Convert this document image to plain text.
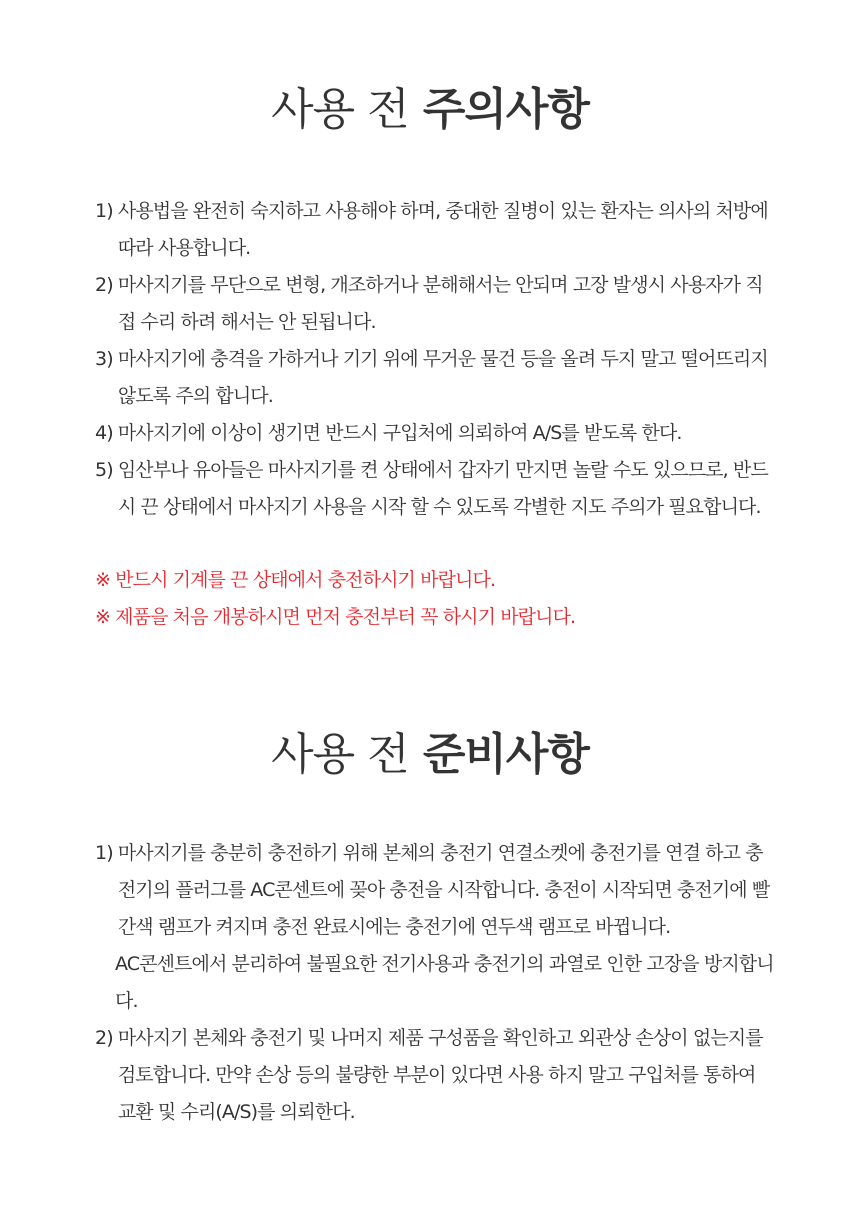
사용 전 주의사항
1) 사용법을 완전히 숙지하고 사용해야 하며, 중대한 질병이 있는 환자는 의사의 처방에 따라 사용합니다.
2) 마사지기를 무단으로 변형, 개조하거나 분해해서는 안되며 고장 발생시 사용자가 직접 수리 하려 해서는 안 된됩니다.
3) 마사지기에 충격을 가하거나 기기 위에 무거운 물건 등을 올려 두지 말고 떨어뜨리지 않도록 주의 합니다.
4) 마사지기에 이상이 생기면 반드시 구입처에 의뢰하여 A/S를 받도록 한다.
5) 임산부나 유아들은 마사지기를 켠 상태에서 갑자기 만지면 놀랄 수도 있으므로, 반드시 끈 상태에서 마사지기 사용을 시작 할 수 있도록 각별한 지도 주의가 필요합니다.
※ 반드시 기계를 끈 상태에서 충전하시기 바랍니다.
※ 제품을 처음 개봉하시면 먼저 충전부터 꼭 하시기 바랍니다.
사용 전 준비사항
1) 마사지기를 충분히 충전하기 위해 본체의 충전기 연결소켓에 충전기를 연결 하고 충전기의 플러그를 AC콘센트에 꽂아 충전을 시작합니다. 충전이 시작되면 충전기에 빨간색 램프가 켜지며 충전 완료시에는 충전기에 연두색 램프로 바뀝니다.
AC콘센트에서 분리하여 불필요한 전기사용과 충전기의 과열로 인한 고장을 방지합니다.
2) 마사지기 본체와 충전기 및 나머지 제품 구성품을 확인하고 외관상 손상이 없는지를 검토합니다. 만약 손상 등의 불량한 부분이 있다면 사용 하지 말고 구입처를 통하여 교환 및 수리(A/S)를 의뢰한다.
